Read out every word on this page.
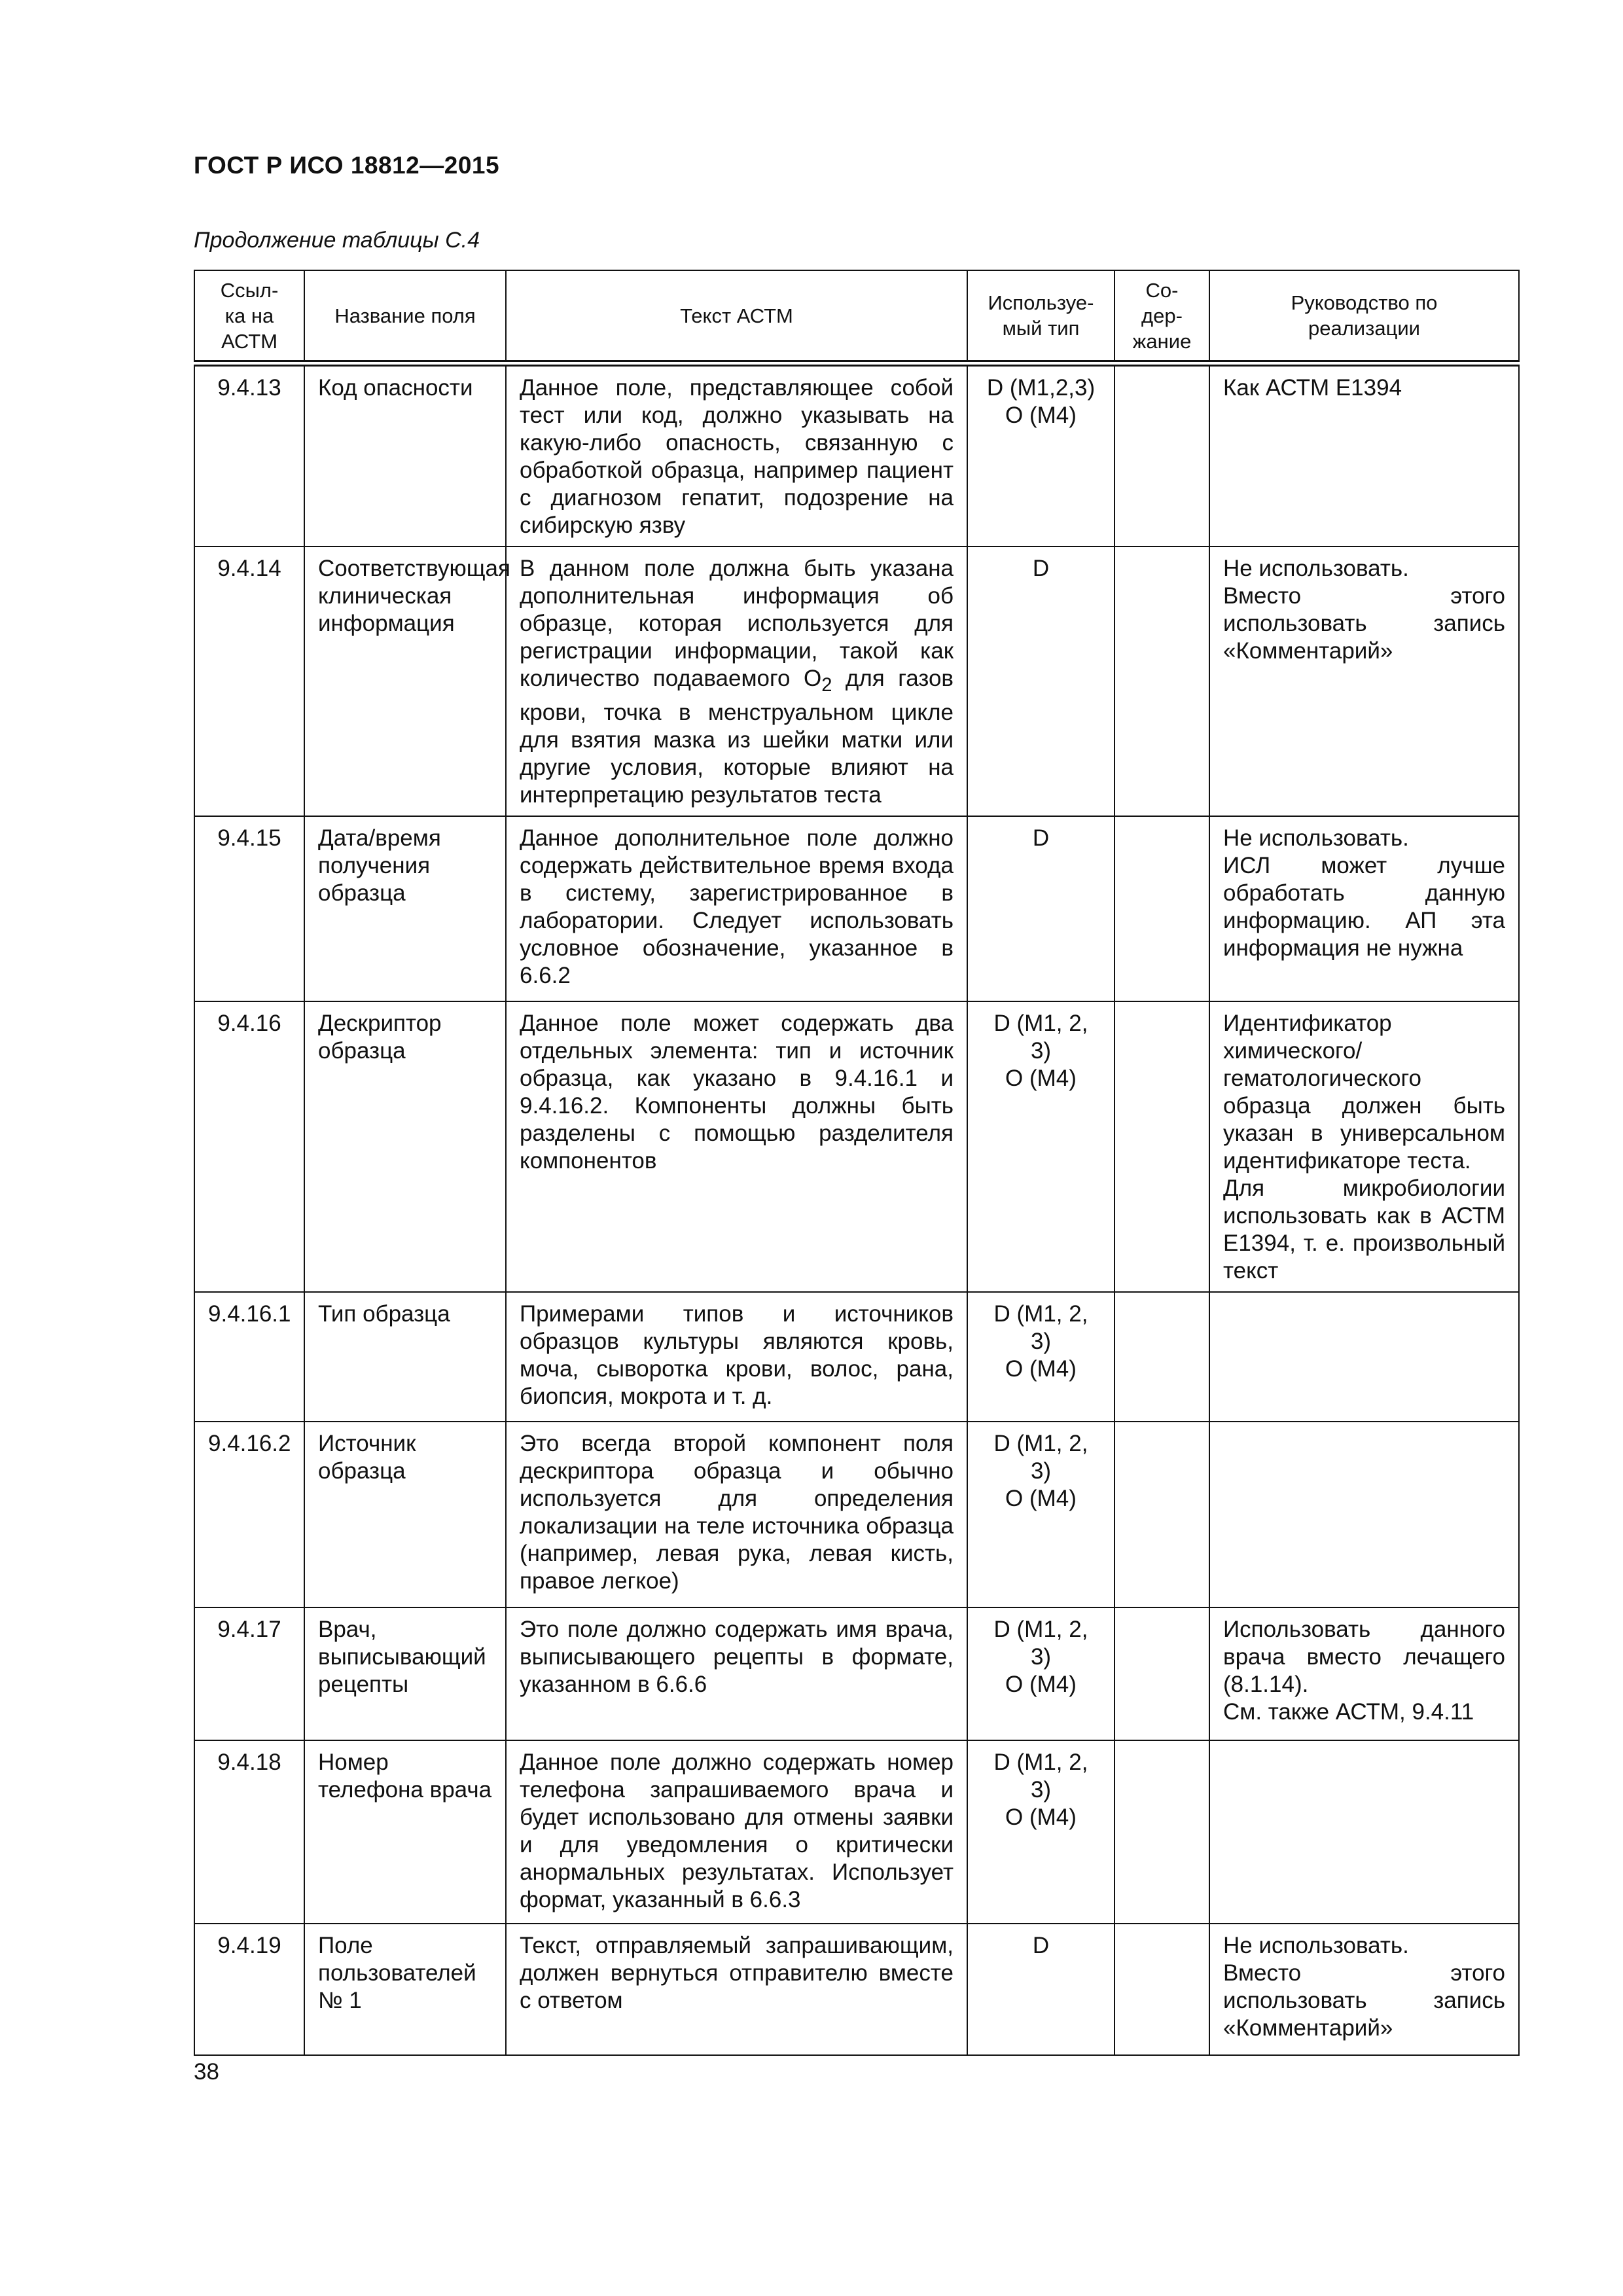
ГОСТ Р ИСО 18812—2015
Продолжение таблицы С.4
Ссыл-
ка на
АСТМ	Название поля	Текст АСТМ	Используе-
мый тип	Со-
дер-
жание	Руководство по
реализации
9.4.13	Код опасности	Данное поле, представляющее собой тест или код, должно указывать на какую-либо опасность, связанную с обработкой образца, например пациент с диагнозом гепатит, подозрение на сибирскую язву	D (M1,2,3)
O (M4)		Как АСТМ Е1394
9.4.14	Соответствующая клиническая информация	В данном поле должна быть указана дополнительная информация об образце, которая используется для регистрации информации, такой как количество подаваемого $O_2$ для газов крови, точка в менструальном цикле для взятия мазка из шейки матки или другие условия, которые влияют на интерпретацию результатов теста	D		Не использовать.
Вместо этого использовать запись «Комментарий»
9.4.15	Дата/время получения образца	Данное дополнительное поле должно содержать действительное время входа в систему, зарегистрированное в лаборатории. Следует использовать условное обозначение, указанное в 6.6.2	D		Не использовать.
ИСЛ может лучше обработать данную информацию. АП эта информация не нужна
9.4.16	Дескриптор образца	Данное поле может содержать два отдельных элемента: тип и источник образца, как указано в 9.4.16.1 и 9.4.16.2. Компоненты должны быть разделены с помощью разделителя компонентов	D (M1, 2, 3)
O (M4)		Идентификатор химического/гематологического образца должен быть указан в универсальном идентификаторе теста.
Для микробиологии использовать как в АСТМ Е1394, т. е. произвольный текст
9.4.16.1	Тип образца	Примерами типов и источников образцов культуры являются кровь, моча, сыворотка крови, волос, рана, биопсия, мокрота и т. д.	D (M1, 2, 3)
O (M4)		
9.4.16.2	Источник образца	Это всегда второй компонент поля дескриптора образца и обычно используется для определения локализации на теле источника образца (например, левая рука, левая кисть, правое легкое)	D (M1, 2, 3)
O (M4)		
9.4.17	Врач, выписывающий рецепты	Это поле должно содержать имя врача, выписывающего рецепты в формате, указанном в 6.6.6	D (M1, 2, 3)
O (M4)		Использовать данного врача вместо лечащего (8.1.14).
См. также АСТМ, 9.4.11
9.4.18	Номер телефона врача	Данное поле должно содержать номер телефона запрашиваемого врача и будет использовано для отмены заявки и для уведомления о критически анормальных результатах. Использует формат, указанный в 6.6.3	D (M1, 2, 3)
O (M4)		
9.4.19	Поле пользователей № 1	Текст, отправляемый запрашивающим, должен вернуться отправителю вместе с ответом	D		Не использовать.
Вместо этого использовать запись «Комментарий»
38
